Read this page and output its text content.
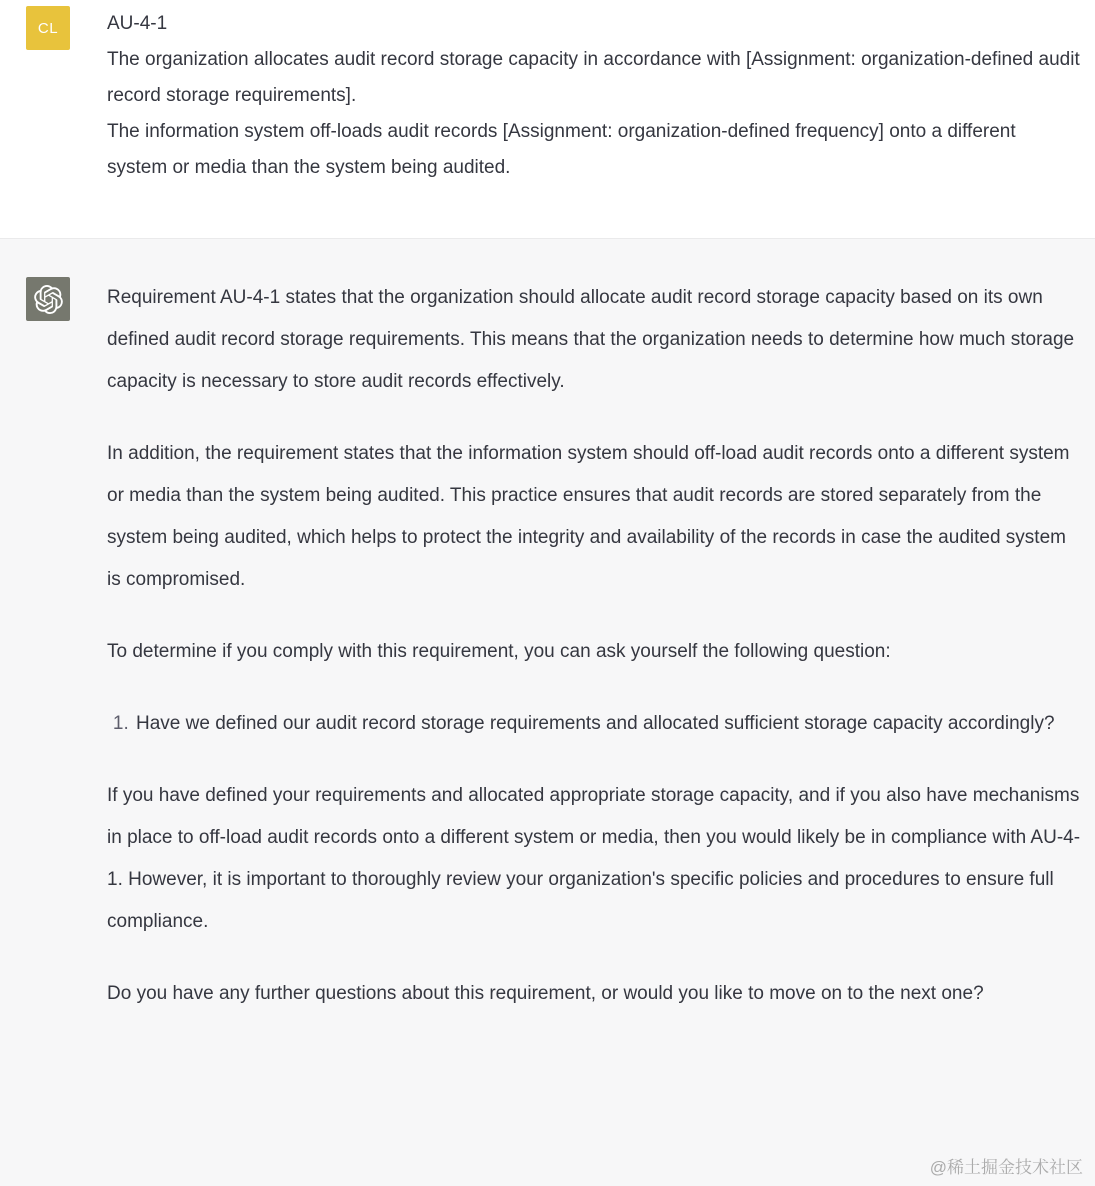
CL	AU-4-1
The organization allocates audit record storage capacity in accordance with [Assignment: organization-defined audit record storage requirements].
The information system off-loads audit records [Assignment: organization-defined frequency] onto a different system or media than the system being audited.

Requirement AU-4-1 states that the organization should allocate audit record storage capacity based on its own defined audit record storage requirements. This means that the organization needs to determine how much storage capacity is necessary to store audit records effectively.

In addition, the requirement states that the information system should off-load audit records onto a different system or media than the system being audited. This practice ensures that audit records are stored separately from the system being audited, which helps to protect the integrity and availability of the records in case the audited system is compromised.

To determine if you comply with this requirement, you can ask yourself the following question:

1. Have we defined our audit record storage requirements and allocated sufficient storage capacity accordingly?

If you have defined your requirements and allocated appropriate storage capacity, and if you also have mechanisms in place to off-load audit records onto a different system or media, then you would likely be in compliance with AU-4-1. However, it is important to thoroughly review your organization's specific policies and procedures to ensure full compliance.

Do you have any further questions about this requirement, or would you like to move on to the next one?

@稀土掘金技术社区
